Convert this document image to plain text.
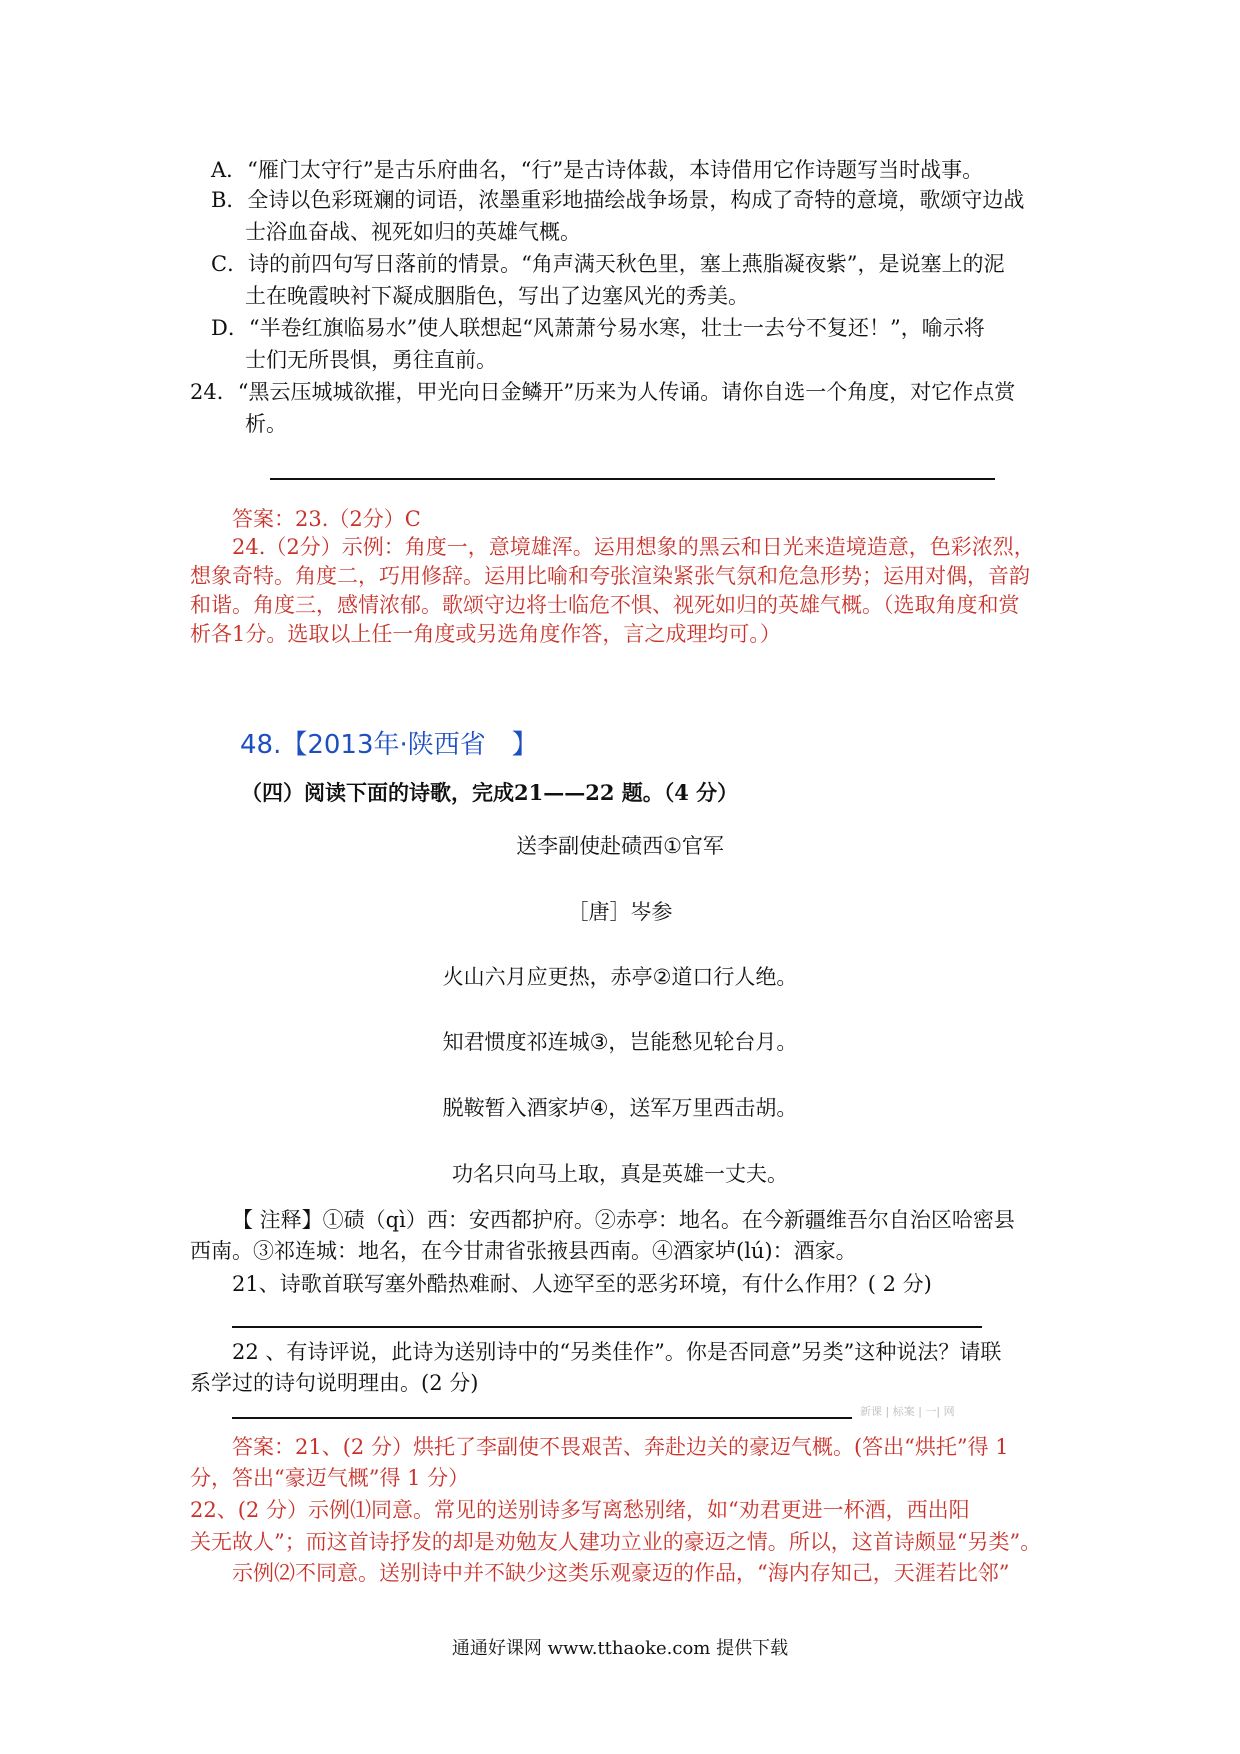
A．“雁门太守行”是古乐府曲名，“行”是古诗体裁，本诗借用它作诗题写当时战事。
B．全诗以色彩斑斓的词语，浓墨重彩地描绘战争场景，构成了奇特的意境，歌颂守边战
士浴血奋战、视死如归的英雄气概。
C．诗的前四句写日落前的情景。“角声满天秋色里，塞上燕脂凝夜紫”，是说塞上的泥
土在晚霞映衬下凝成胭脂色，写出了边塞风光的秀美。
D．“半卷红旗临易水”使人联想起“风萧萧兮易水寒，壮士一去兮不复还！”，喻示将
士们无所畏惧，勇往直前。
24．“黑云压城城欲摧，甲光向日金鳞开”历来为人传诵。请你自选一个角度，对它作点赏
析。
答案：23.（2分）C
24.（2分）示例：角度一，意境雄浑。运用想象的黑云和日光来造境造意，色彩浓烈，
想象奇特。角度二，巧用修辞。运用比喻和夸张渲染紧张气氛和危急形势；运用对偶，音韵
和谐。角度三，感情浓郁。歌颂守边将士临危不惧、视死如归的英雄气概。（选取角度和赏
析各1分。选取以上任一角度或另选角度作答，言之成理均可。）
48.【2013年·陕西省　】
（四）阅读下面的诗歌，完成21——22 题。（4 分）
送李副使赴碛西①官军
［唐］岑参
火山六月应更热，赤亭②道口行人绝。
知君惯度祁连城③，岂能愁见轮台月。
脱鞍暂入酒家垆④，送军万里西击胡。
功名只向马上取，真是英雄一丈夫。
【 注释】①碛（qì）西：安西都护府。②赤亭：地名。在今新疆维吾尔自治区哈密县
西南。③祁连城：地名，在今甘肃省张掖县西南。④酒家垆(lú)：酒家。
21、诗歌首联写塞外酷热难耐、人迹罕至的恶劣环境，有什么作用？( 2 分)
22 、有诗评说，此诗为送别诗中的“另类佳作”。你是否同意”另类”这种说法？请联
系学过的诗句说明理由。(2 分)
新课 | 标案 | 一| 网
答案：21、(2 分）烘托了李副使不畏艰苦、奔赴边关的豪迈气概。(答出“烘托”得 1
分，答出“豪迈气概”得 1 分）
22、(2 分）示例⑴同意。常见的送别诗多写离愁别绪，如“劝君更进一杯酒，西出阳
关无故人”；而这首诗抒发的却是劝勉友人建功立业的豪迈之情。所以，这首诗颇显“另类”。
示例⑵不同意。送别诗中并不缺少这类乐观豪迈的作品，“海内存知己，天涯若比邻”
通通好课网 www.tthaoke.com 提供下载
